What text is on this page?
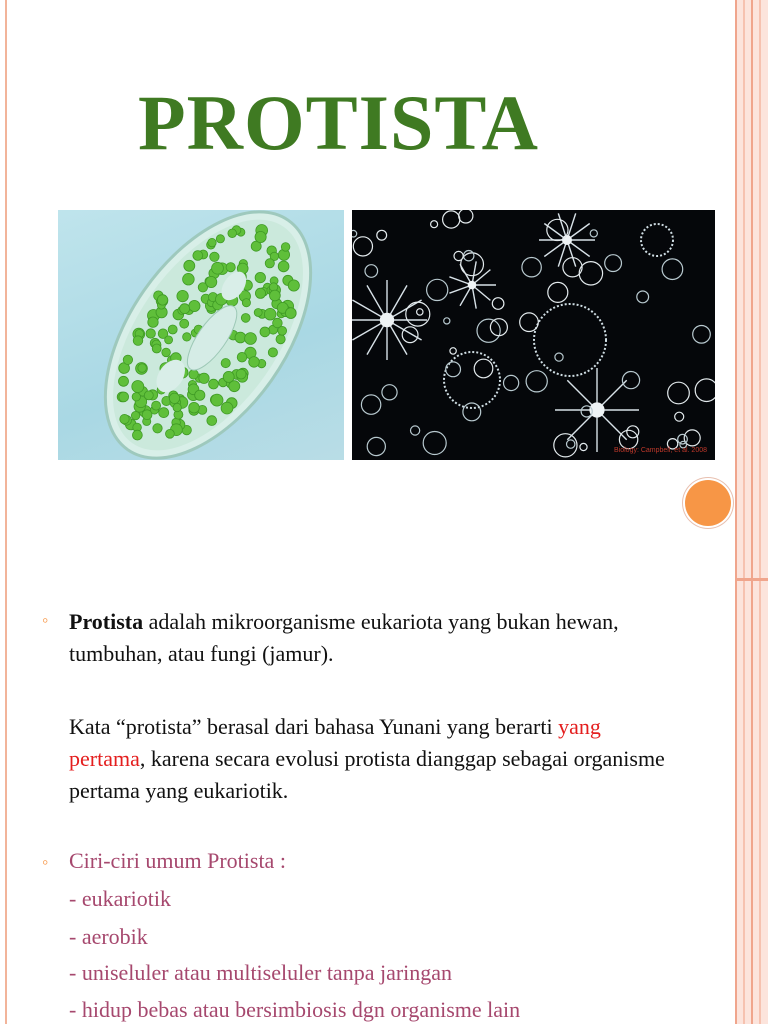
PROTISTA
Biology: Campbell, et al. 2008
◦ Protista adalah mikroorganisme eukariota yang bukan hewan, tumbuhan, atau fungi (jamur).
Kata “protista” berasal dari bahasa Yunani yang berarti yang pertama, karena secara evolusi protista dianggap sebagai organisme pertama yang eukariotik.
◦ Ciri-ciri umum Protista :
- eukariotik
- aerobik
- uniseluler atau multiseluler tanpa jaringan
- hidup bebas atau bersimbiosis dgn organisme lain
